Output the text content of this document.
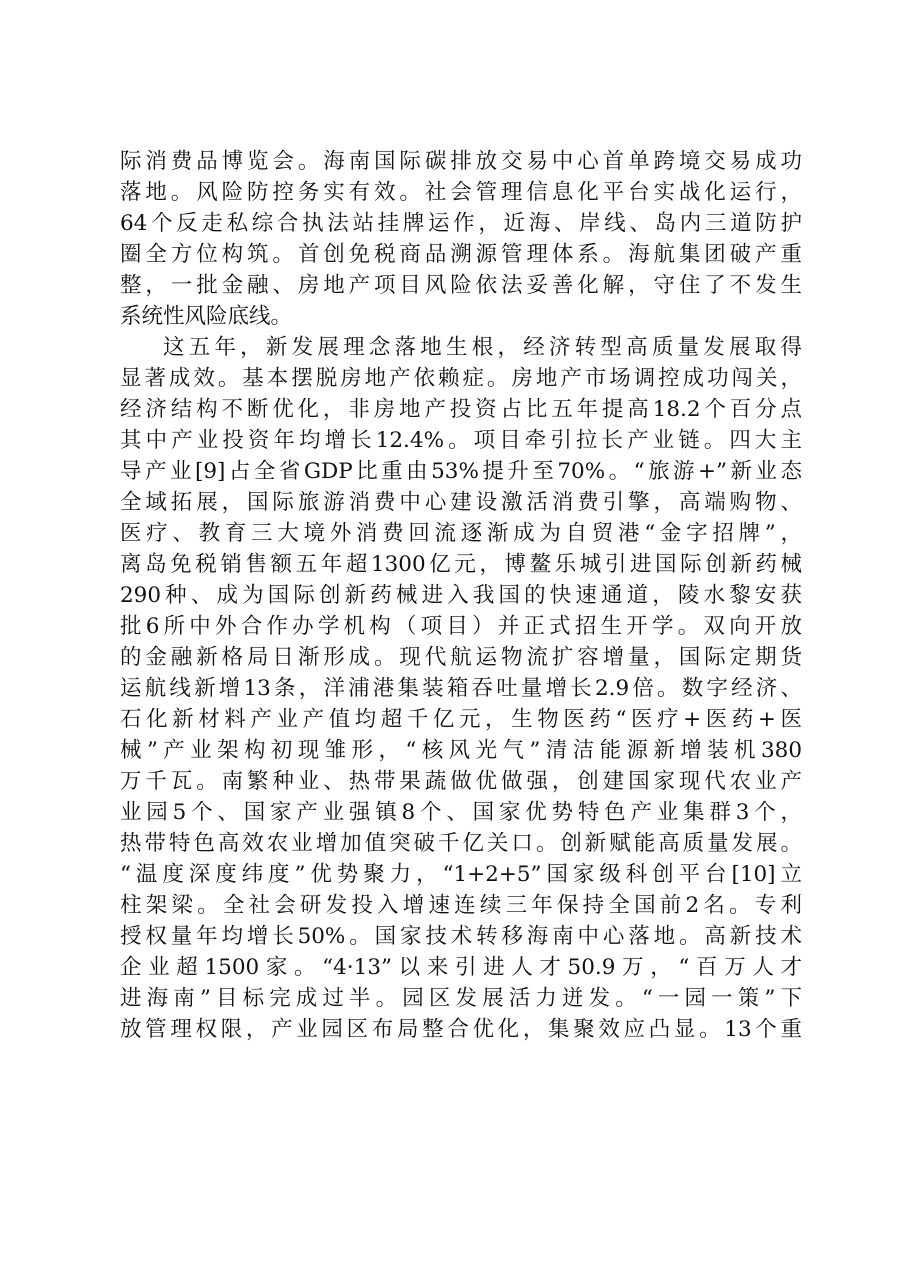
际消费品博览会。海南国际碳排放交易中心首单跨境交易成功
落地。风险防控务实有效。社会管理信息化平台实战化运行，
64个反走私综合执法站挂牌运作，近海、岸线、岛内三道防护
圈全方位构筑。首创免税商品溯源管理体系。海航集团破产重
整，一批金融、房地产项目风险依法妥善化解，守住了不发生
系统性风险底线。
这五年，新发展理念落地生根，经济转型高质量发展取得
显著成效。基本摆脱房地产依赖症。房地产市场调控成功闯关，
经济结构不断优化，非房地产投资占比五年提高18.2个百分点
其中产业投资年均增长12.4%。项目牵引拉长产业链。四大主
导产业[9]占全省GDP比重由53%提升至70%。“旅游+”新业态
全域拓展，国际旅游消费中心建设激活消费引擎，高端购物、
医疗、教育三大境外消费回流逐渐成为自贸港“金字招牌”，
离岛免税销售额五年超1300亿元，博鳌乐城引进国际创新药械
290种、成为国际创新药械进入我国的快速通道，陵水黎安获
批6所中外合作办学机构（项目）并正式招生开学。双向开放
的金融新格局日渐形成。现代航运物流扩容增量，国际定期货
运航线新增13条，洋浦港集装箱吞吐量增长2.9倍。数字经济、
石化新材料产业产值均超千亿元，生物医药“医疗+医药+医
械”产业架构初现雏形，“核风光气”清洁能源新增装机380
万千瓦。南繁种业、热带果蔬做优做强，创建国家现代农业产
业园5个、国家产业强镇8个、国家优势特色产业集群3个，
热带特色高效农业增加值突破千亿关口。创新赋能高质量发展。
“温度深度纬度”优势聚力，“1+2+5”国家级科创平台[10]立
柱架梁。全社会研发投入增速连续三年保持全国前2名。专利
授权量年均增长50%。国家技术转移海南中心落地。高新技术
企业超1500家。“4·13”以来引进人才50.9万，“百万人才
进海南”目标完成过半。园区发展活力迸发。“一园一策”下
放管理权限，产业园区布局整合优化，集聚效应凸显。13个重
